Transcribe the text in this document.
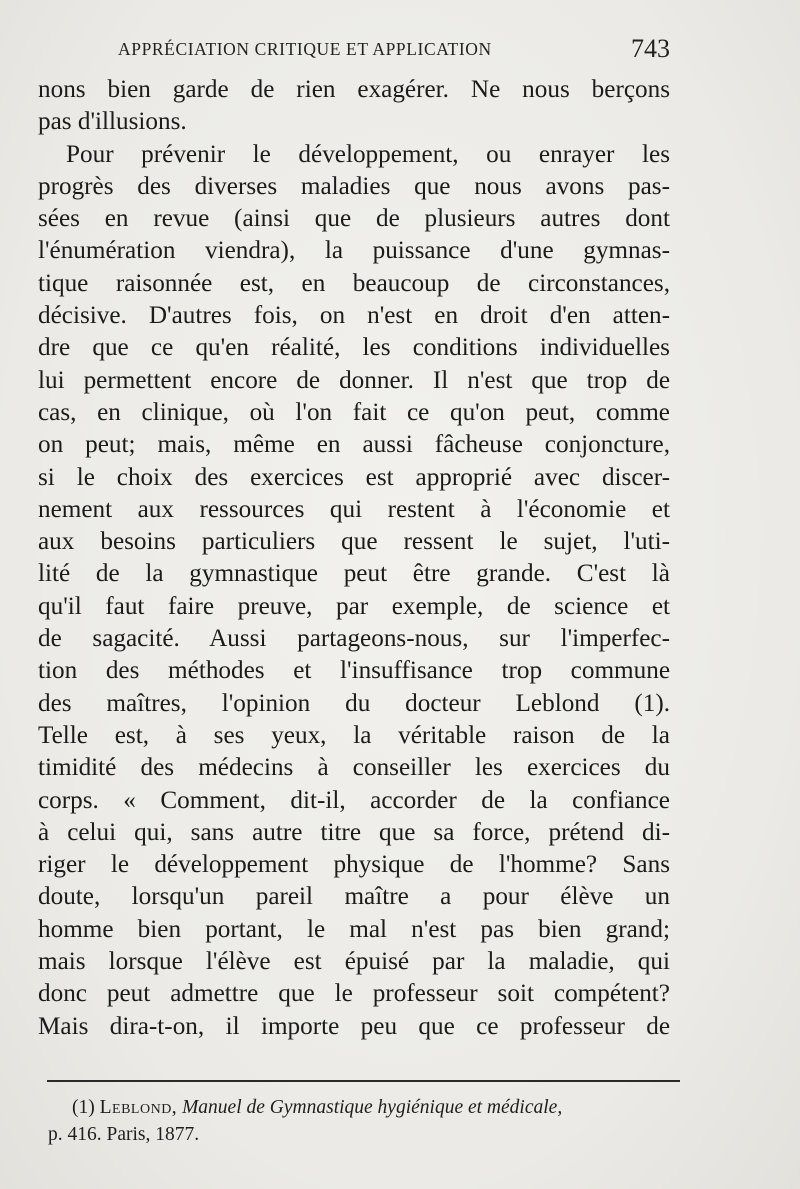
APPRÉCIATION CRITIQUE ET APPLICATION	743
nons bien garde de rien exagérer. Ne nous berçons
pas d'illusions.
Pour prévenir le développement, ou enrayer les
progrès des diverses maladies que nous avons pas-
sées en revue (ainsi que de plusieurs autres dont
l'énumération viendra), la puissance d'une gymnas-
tique raisonnée est, en beaucoup de circonstances,
décisive. D'autres fois, on n'est en droit d'en atten-
dre que ce qu'en réalité, les conditions individuelles
lui permettent encore de donner. Il n'est que trop de
cas, en clinique, où l'on fait ce qu'on peut, comme
on peut; mais, même en aussi fâcheuse conjoncture,
si le choix des exercices est approprié avec discer-
nement aux ressources qui restent à l'économie et
aux besoins particuliers que ressent le sujet, l'uti-
lité de la gymnastique peut être grande. C'est là
qu'il faut faire preuve, par exemple, de science et
de sagacité. Aussi partageons-nous, sur l'imperfec-
tion des méthodes et l'insuffisance trop commune
des maîtres, l'opinion du docteur Leblond (1).
Telle est, à ses yeux, la véritable raison de la
timidité des médecins à conseiller les exercices du
corps. « Comment, dit-il, accorder de la confiance
à celui qui, sans autre titre que sa force, prétend di-
riger le développement physique de l'homme? Sans
doute, lorsqu'un pareil maître a pour élève un
homme bien portant, le mal n'est pas bien grand;
mais lorsque l'élève est épuisé par la maladie, qui
donc peut admettre que le professeur soit compétent?
Mais dira-t-on, il importe peu que ce professeur de
(1) Leblond, Manuel de Gymnastique hygiénique et médicale,
p. 416. Paris, 1877.
